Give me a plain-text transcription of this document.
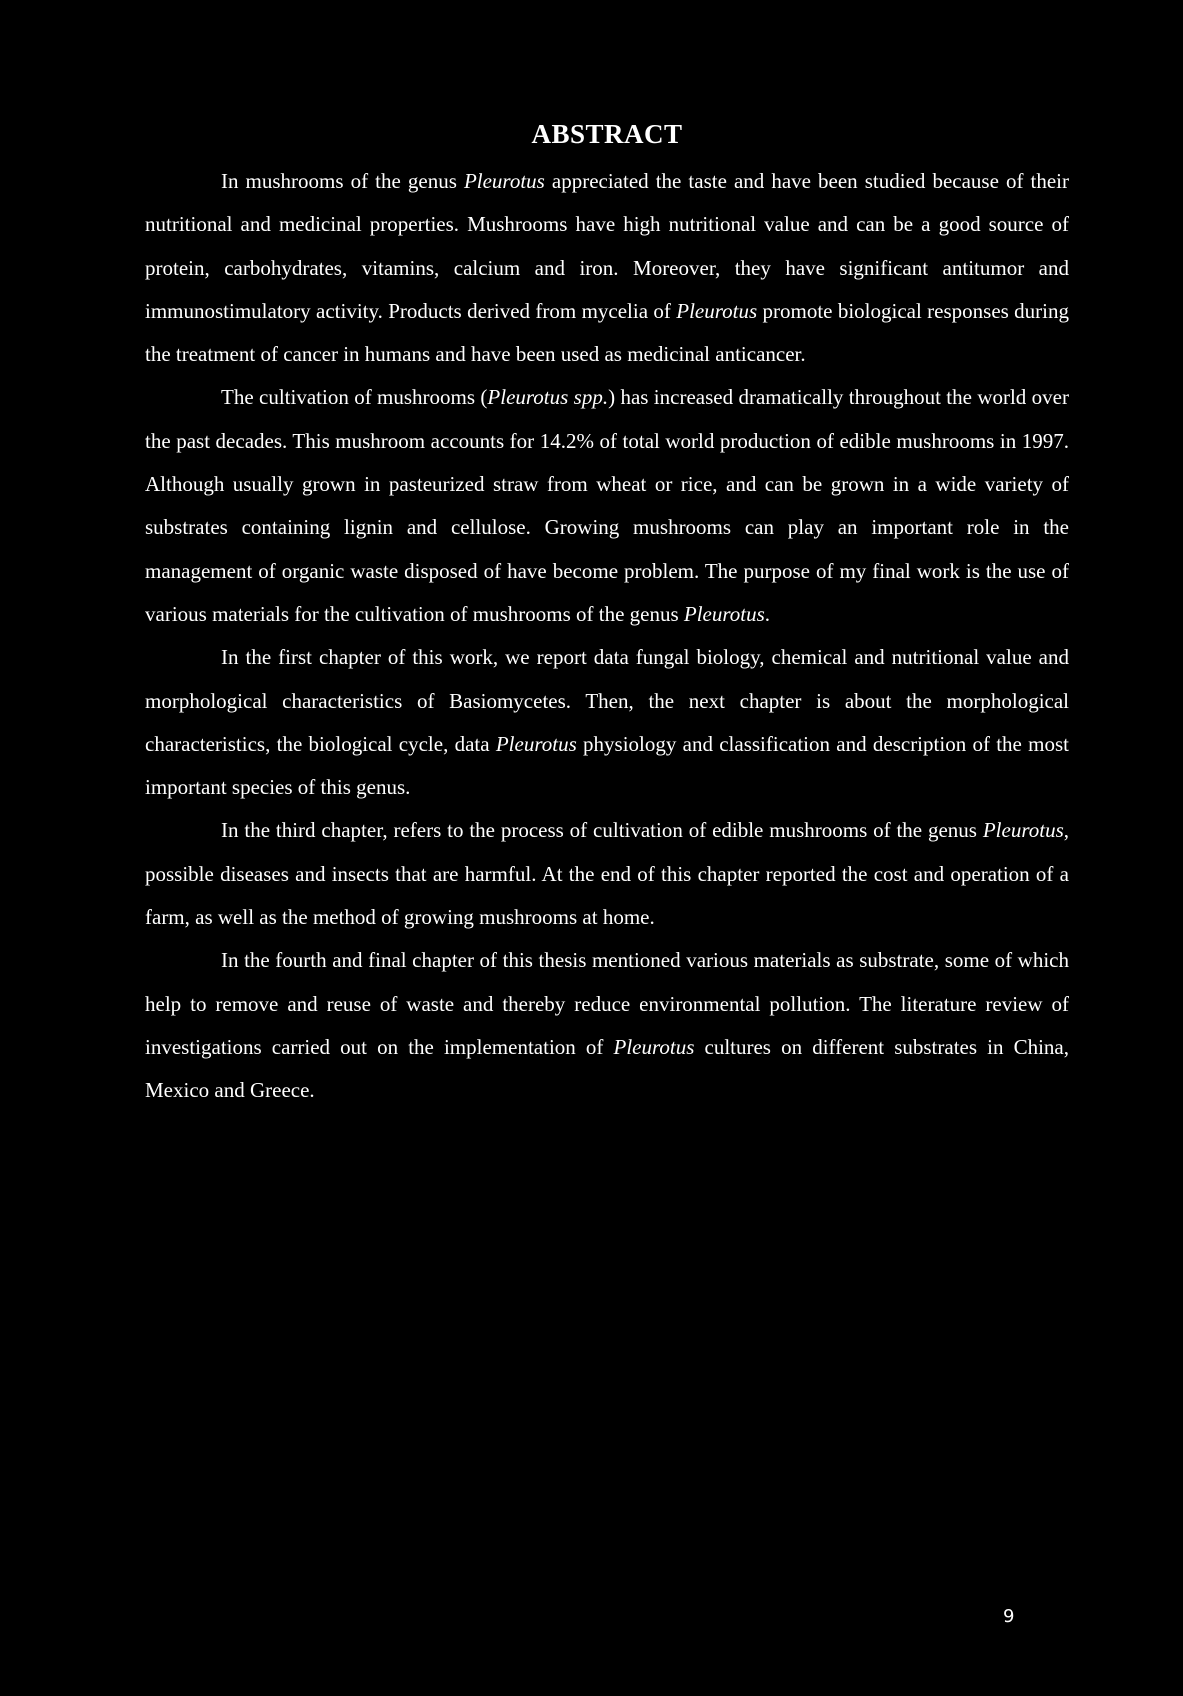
ABSTRACT

In mushrooms of the genus Pleurotus appreciated the taste and have been studied because of their nutritional and medicinal properties. Mushrooms have high nutritional value and can be a good source of protein, carbohydrates, vitamins, calcium and iron. Moreover, they have significant antitumor and immunostimulatory activity. Products derived from mycelia of Pleurotus promote biological responses during the treatment of cancer in humans and have been used as medicinal anticancer.

The cultivation of mushrooms (Pleurotus spp.) has increased dramatically throughout the world over the past decades. This mushroom accounts for 14.2% of total world production of edible mushrooms in 1997. Although usually grown in pasteurized straw from wheat or rice, and can be grown in a wide variety of substrates containing lignin and cellulose. Growing mushrooms can play an important role in the management of organic waste disposed of have become problem. The purpose of my final work is the use of various materials for the cultivation of mushrooms of the genus Pleurotus.

In the first chapter of this work, we report data fungal biology, chemical and nutritional value and morphological characteristics of Basiomycetes. Then, the next chapter is about the morphological characteristics, the biological cycle, data Pleurotus physiology and classification and description of the most important species of this genus.

In the third chapter, refers to the process of cultivation of edible mushrooms of the genus Pleurotus, possible diseases and insects that are harmful. At the end of this chapter reported the cost and operation of a farm, as well as the method of growing mushrooms at home.

In the fourth and final chapter of this thesis mentioned various materials as substrate, some of which help to remove and reuse of waste and thereby reduce environmental pollution. The literature review of investigations carried out on the implementation of Pleurotus cultures on different substrates in China, Mexico and Greece.

9
